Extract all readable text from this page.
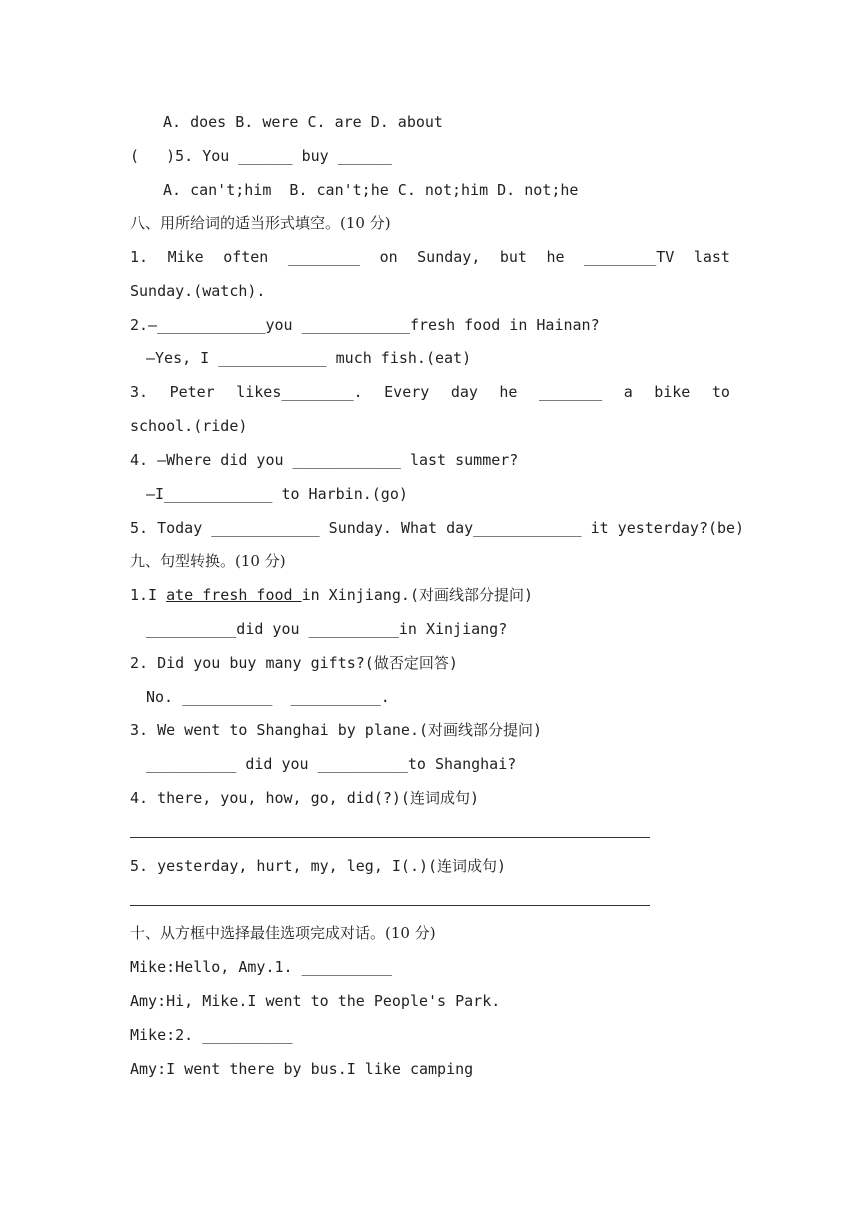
A. does B. were C. are D. about
(   )5. You ______ buy ______
A. can't;him  B. can't;he C. not;him D. not;he
八、用所给词的适当形式填空。(10 分)
1. Mike often ________ on Sunday, but he ________TV last
Sunday.(watch).
2.—____________you ____________fresh food in Hainan?
—Yes, I ____________ much fish.(eat)
3. Peter likes________. Every day he _______ a bike to
school.(ride)
4. —Where did you ____________ last summer?
—I____________ to Harbin.(go)
5. Today ____________ Sunday. What day____________ it yesterday?(be)
九、句型转换。(10 分)
1.I ate fresh food in Xinjiang.(对画线部分提问)
__________did you __________in Xinjiang?
2. Did you buy many gifts?(做否定回答)
No. __________  __________.
3. We went to Shanghai by plane.(对画线部分提问)
__________ did you __________to Shanghai?
4. there, you, how, go, did(?)(连词成句)
5. yesterday, hurt, my, leg, I(.)(连词成句)
十、从方框中选择最佳选项完成对话。(10 分)
Mike:Hello, Amy.1. __________
Amy:Hi, Mike.I went to the People's Park.
Mike:2. __________
Amy:I went there by bus.I like camping
